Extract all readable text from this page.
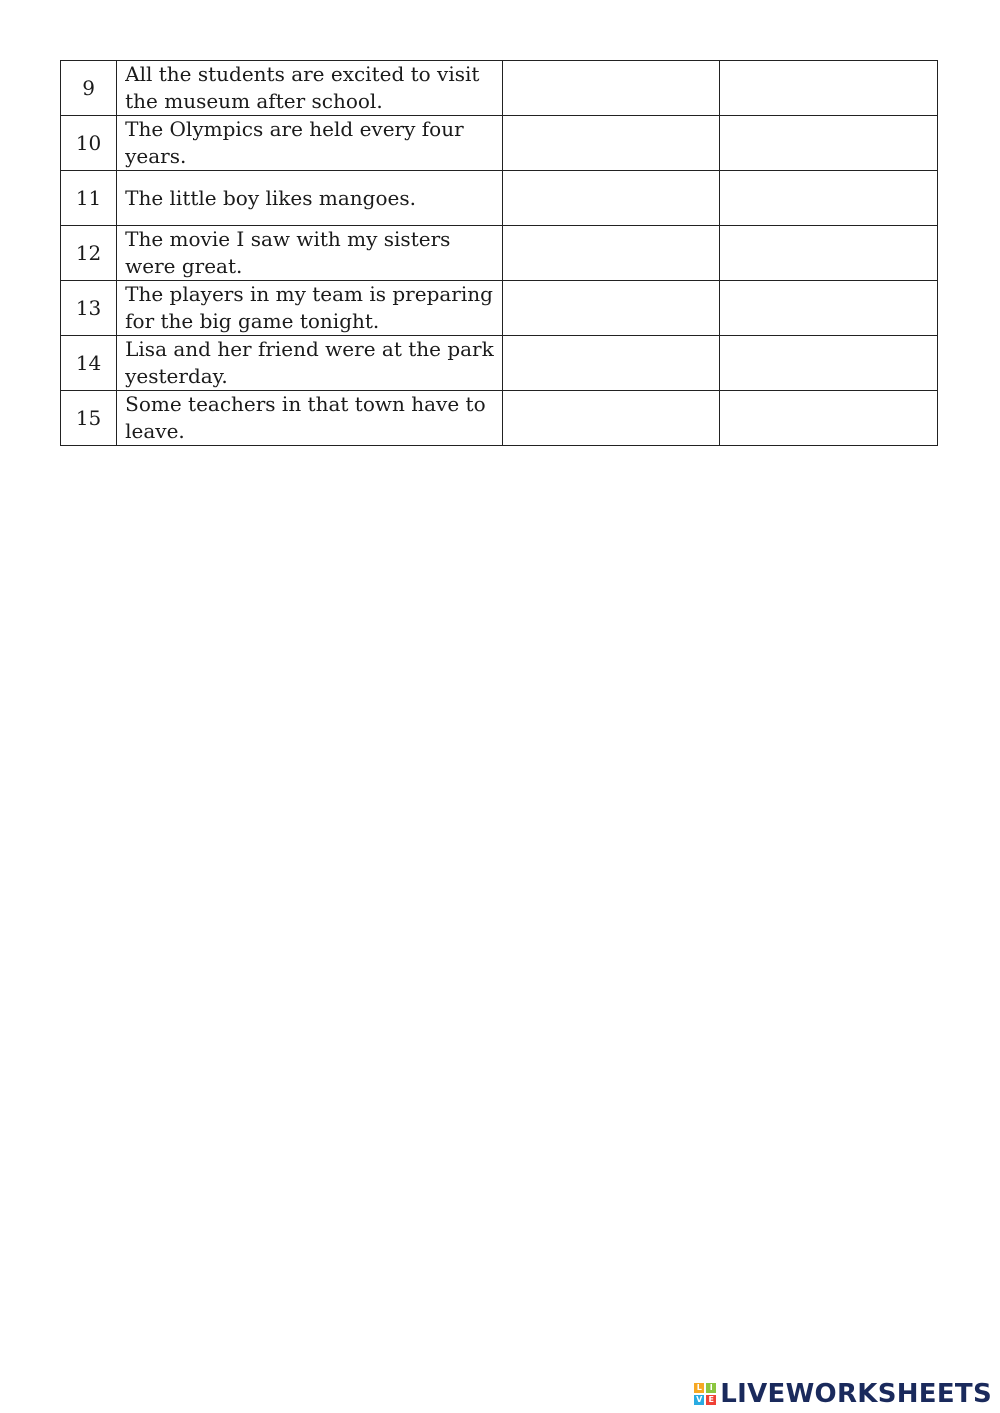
9	All the students are excited to visit the museum after school.	

10	The Olympics are held every four years.	

11	The little boy likes mangoes.	

12	The movie I saw with my sisters were great.	

13	The players in my team is preparing for the big game tonight.	

14	Lisa and her friend were at the park yesterday.	

15	Some teachers in that town have to leave.	

L I
V E LIVEWORKSHEETS
